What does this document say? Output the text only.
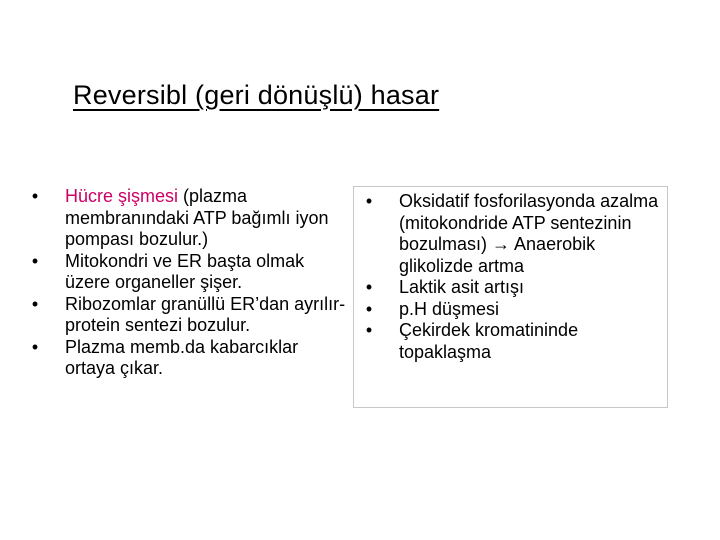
Reversibl (geri dönüşlü) hasar
• Hücre şişmesi (plazma membranındaki ATP bağımlı iyon pompası bozulur.)
• Mitokondri ve ER başta olmak üzere organeller şişer.
• Ribozomlar granüllü ER’dan ayrılır- protein sentezi bozulur.
• Plazma memb.da kabarcıklar ortaya çıkar.
• Oksidatif fosforilasyonda azalma (mitokondride ATP sentezinin bozulması) → Anaerobik glikolizde artma
• Laktik asit artışı
• p.H düşmesi
• Çekirdek kromatininde topaklaşma
